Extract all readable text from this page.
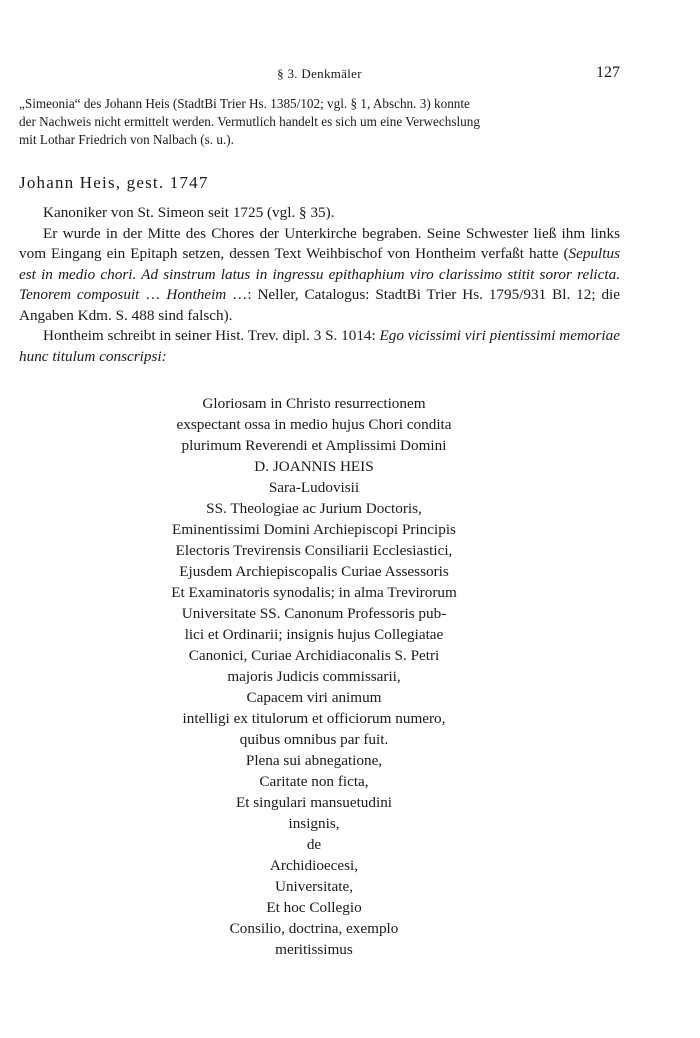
§ 3. Denkmäler	127
„Simeonia“ des Johann Heis (StadtBi Trier Hs. 1385/102; vgl. § 1, Abschn. 3) konnte
der Nachweis nicht ermittelt werden. Vermutlich handelt es sich um eine Verwechslung
mit Lothar Friedrich von Nalbach (s. u.).
Johann Heis, gest. 1747

Kanoniker von St. Simeon seit 1725 (vgl. § 35).

Er wurde in der Mitte des Chores der Unterkirche begraben. Seine Schwester ließ ihm links vom Eingang ein Epitaph setzen, dessen Text Weihbischof von Hontheim verfaßt hatte (Sepultus est in medio chori. Ad sinstrum latus in ingressu epithaphium viro clarissimo stitit soror relicta. Tenorem composuit … Hontheim …: Neller, Catalogus: StadtBi Trier Hs. 1795/931 Bl. 12; die Angaben Kdm. S. 488 sind falsch).

Hontheim schreibt in seiner Hist. Trev. dipl. 3 S. 1014: Ego vicissimi viri pientissimi memoriae hunc titulum conscripsi:

Gloriosam in Christo resurrectionem
exspectant ossa in medio hujus Chori condita
plurimum Reverendi et Amplissimi Domini
D. JOANNIS HEIS
Sara-Ludovisii
SS. Theologiae ac Jurium Doctoris,
Eminentissimi Domini Archiepiscopi Principis
Electoris Trevirensis Consiliarii Ecclesiastici,
Ejusdem Archiepiscopalis Curiae Assessoris
Et Examinatoris synodalis; in alma Trevirorum
Universitate SS. Canonum Professoris pub-
lici et Ordinarii; insignis hujus Collegiatae
Canonici, Curiae Archidiaconalis S. Petri
majoris Judicis commissarii,
Capacem viri animum
intelligi ex titulorum et officiorum numero,
quibus omnibus par fuit.
Plena sui abnegatione,
Caritate non ficta,
Et singulari mansuetudini
insignis,
de
Archidioecesi,
Universitate,
Et hoc Collegio
Consilio, doctrina, exemplo
meritissimus
